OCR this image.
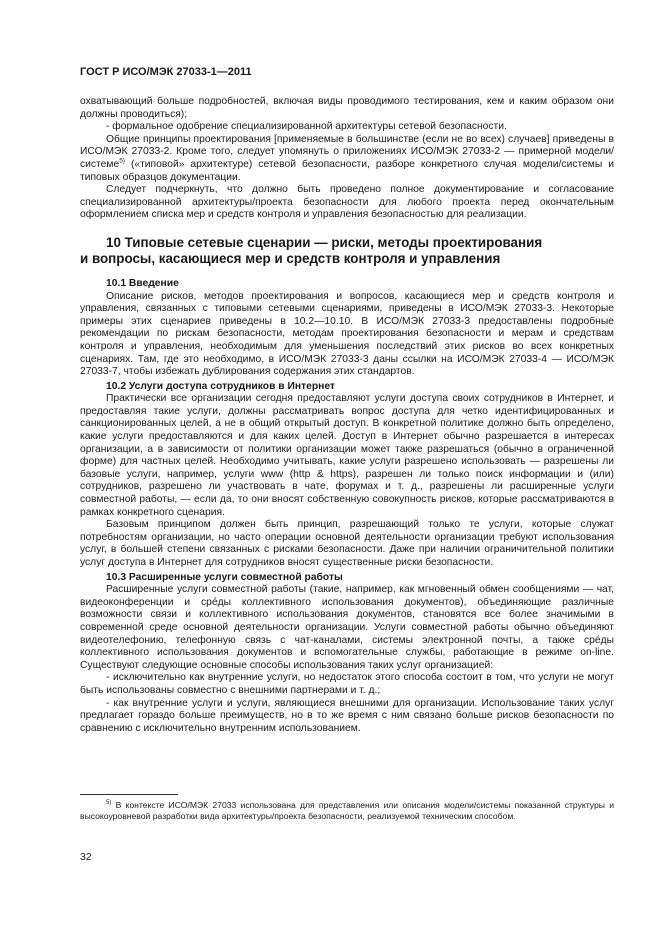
ГОСТ Р ИСО/МЭК 27033-1—2011

охватывающий больше подробностей, включая виды проводимого тестирования, кем и каким образом они должны проводиться);

- формальное одобрение специализированной архитектуры сетевой безопасности.

Общие принципы проектирования [применяемые в большинстве (если не во всех) случаев] приведены в ИСО/МЭК 27033-2. Кроме того, следует упомянуть о приложениях ИСО/МЭК 27033-2 — примерной модели/системе$^{5)}$ («типовой» архитектуре) сетевой безопасности, разборе конкретного случая модели/системы и типовых образцов документации.

Следует подчеркнуть, что должно быть проведено полное документирование и согласование специализированной архитектуры/проекта безопасности для любого проекта перед окончательным оформлением списка мер и средств контроля и управления безопасностью для реализации.

10 Типовые сетевые сценарии — риски, методы проектирования
и вопросы, касающиеся мер и средств контроля и управления

10.1 Введение

Описание рисков, методов проектирования и вопросов, касающиеся мер и средств контроля и управления, связанных с типовыми сетевыми сценариями, приведены в ИСО/МЭК 27033-3. Некоторые примеры этих сценариев приведены в 10.2—10.10. В ИСО/МЭК 27033-3 предоставлены подробные рекомендации по рискам безопасности, методам проектирования безопасности и мерам и средствам контроля и управления, необходимым для уменьшения последствий этих рисков во всех конкретных сценариях. Там, где это необходимо, в ИСО/МЭК 27033-3 даны ссылки на ИСО/МЭК 27033-4 — ИСО/МЭК 27033-7, чтобы избежать дублирования содержания этих стандартов.

10.2 Услуги доступа сотрудников в Интернет

Практически все организации сегодня предоставляют услуги доступа своих сотрудников в Интернет, и предоставляя такие услуги, должны рассматривать вопрос доступа для четко идентифицированных и санкционированных целей, а не в общий открытый доступ. В конкретной политике должно быть определено, какие услуги предоставляются и для каких целей. Доступ в Интернет обычно разрешается в интересах организации, а в зависимости от политики организации может также разрешаться (обычно в ограниченной форме) для частных целей. Необходимо учитывать, какие услуги разрешено использовать — разрешены ли базовые услуги, например, услуги www (http & https), разрешен ли только поиск информации и (или) сотрудников, разрешено ли участвовать в чате, форумах и т. д., разрешены ли расширенные услуги совместной работы, — если да, то они вносят собственную совокупность рисков, которые рассматриваются в рамках конкретного сценария.

Базовым принципом должен быть принцип, разрешающий только те услуги, которые служат потребностям организации, но часто операции основной деятельности организации требуют использования услуг, в большей степени связанных с рисками безопасности. Даже при наличии ограничительной политики услуг доступа в Интернет для сотрудников вносят существенные риски безопасности.

10.3 Расширенные услуги совместной работы

Расширенные услуги совместной работы (такие, например, как мгновенный обмен сообщениями — чат, видеоконференции и сре́ды коллективного использования документов), объединяющие различные возможности связи и коллективного использования документов, становятся все более значимыми в современной среде основной деятельности организации. Услуги совместной работы обычно объединяют видеотелефонию, телефонную связь с чат-каналами, системы электронной почты, а также сре́ды коллективного использования документов и вспомогательные службы, работающие в режиме on-line. Существуют следующие основные способы использования таких услуг организацией:

- исключительно как внутренние услуги, но недостаток этого способа состоит в том, что услуги не могут быть использованы совместно с внешними партнерами и т. д.;

- как внутренние услуги и услуги, являющиеся внешними для организации. Использование таких услуг предлагает гораздо больше преимуществ, но в то же время с ним связано больше рисков безопасности по сравнению с исключительно внутренним использованием.

$^{5)}$ В контексте ИСО/МЭК 27033 использована для представления или описания модели/системы показанной структуры и высокоуровневой разработки вида архитектуры/проекта безопасности, реализуемой техническим способом.
32
